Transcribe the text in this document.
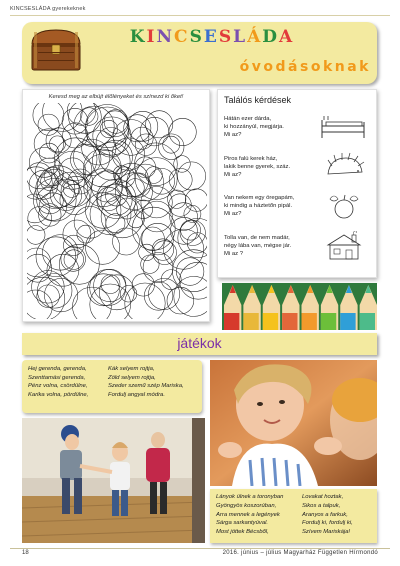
KINCSESLÁDA gyerekeknek
KINCSESLÁDA
óvodásoknak
Keresd meg az elbújt élőlényeket és színezd ki őket!	Találós kérdések
Hátán ezer dárda,
ki hozzányúl, megjárja.
Mi az?
Piros falú kerek ház,
lakik benne gyerek, száz.
Mi az?
Van nekem egy öregapám,
ki mindig a háztetőn pipál.
Mi az?
Tolla van, de nem madár,
négy lába van, mégse jár.
Mi az ?
játékok
Hej gerenda, gerenda,
Szenttamási gerenda,
Pénz volna, csördülne,
Karika volna, pördülne,
Kák selyem rojtja,
Zöld selyem rojtja,
Szeder szemű szép Mariska,
Fordulj angyal módra.
Lányok ülnek a toronyban
Gyöngyös koszorúban,
Arra mennek a legények
Sárga sarkantyúval.
Most jöttek Bécsből,
Lovakat hoztak,
Sikos a talpuk,
Aranyos a farkuk,
Fordulj ki, fordulj ki,
Szívem Mariskája!
18	2016. június – július Magyarház Független Hírmondó
